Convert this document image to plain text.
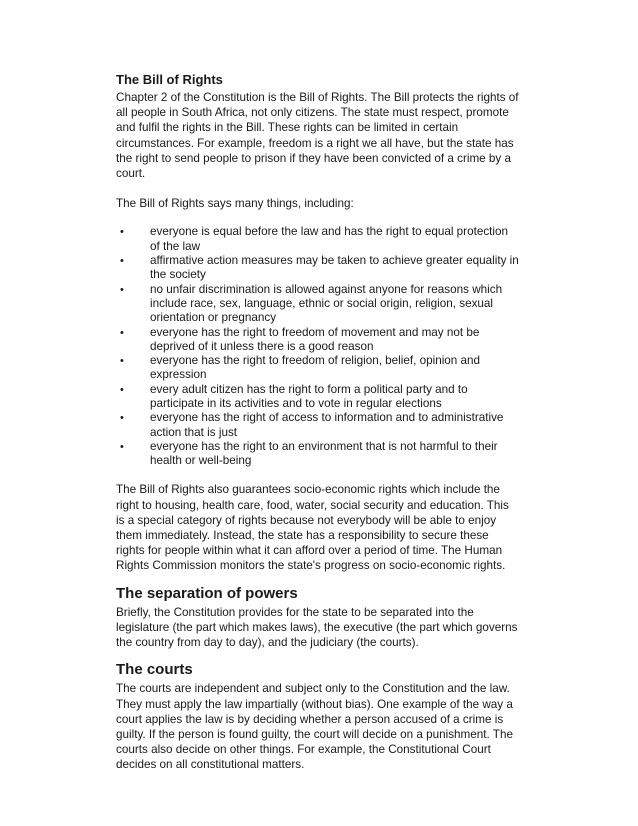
The Bill of Rights

Chapter 2 of the Constitution is the Bill of Rights. The Bill protects the rights of
all people in South Africa, not only citizens. The state must respect, promote
and fulfil the rights in the Bill. These rights can be limited in certain
circumstances. For example, freedom is a right we all have, but the state has
the right to send people to prison if they have been convicted of a crime by a
court.

The Bill of Rights says many things, including:

• everyone is equal before the law and has the right to equal protection
of the law
• affirmative action measures may be taken to achieve greater equality in
the society
• no unfair discrimination is allowed against anyone for reasons which
include race, sex, language, ethnic or social origin, religion, sexual
orientation or pregnancy
• everyone has the right to freedom of movement and may not be
deprived of it unless there is a good reason
• everyone has the right to freedom of religion, belief, opinion and
expression
• every adult citizen has the right to form a political party and to
participate in its activities and to vote in regular elections
• everyone has the right of access to information and to administrative
action that is just
• everyone has the right to an environment that is not harmful to their
health or well-being

The Bill of Rights also guarantees socio-economic rights which include the
right to housing, health care, food, water, social security and education. This
is a special category of rights because not everybody will be able to enjoy
them immediately. Instead, the state has a responsibility to secure these
rights for people within what it can afford over a period of time. The Human
Rights Commission monitors the state's progress on socio-economic rights.

The separation of powers

Briefly, the Constitution provides for the state to be separated into the
legislature (the part which makes laws), the executive (the part which governs
the country from day to day), and the judiciary (the courts).

The courts

The courts are independent and subject only to the Constitution and the law.
They must apply the law impartially (without bias). One example of the way a
court applies the law is by deciding whether a person accused of a crime is
guilty. If the person is found guilty, the court will decide on a punishment. The
courts also decide on other things. For example, the Constitutional Court
decides on all constitutional matters.
